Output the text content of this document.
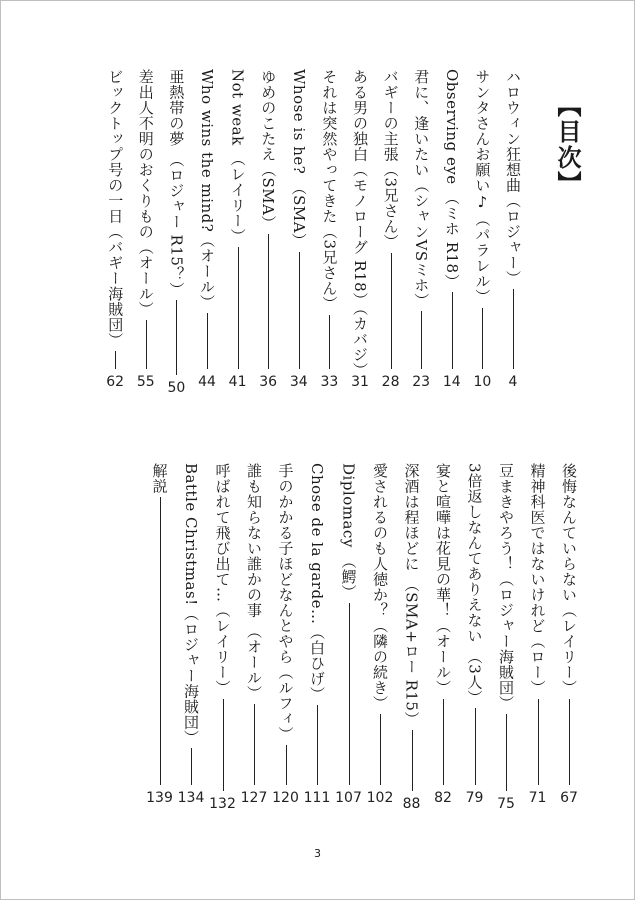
【目次】
3
ハロウィン狂想曲（ロジャー）
4
サンタさんお願い♪（パラレル）
10
Observing eye （ミホ R18）
14
君に、逢いたい（シャンVSミホ）
23
バギーの主張（3兄さん）
28
ある男の独白（モノローグ R18）（カバジ）
31
それは突然やってきた（3兄さん）
33
Whose is he? （SMA）
34
ゆめのこたえ（SMA）
36
Not weak （レイリー）
41
Who wins the mind?（オール）
44
亜熱帯の夢 （ロジャー R15？）
50
差出人不明のおくりもの（オール）
55
ビックトップ号の一日（バギー海賊団）
62
後悔なんていらない（レイリー）
67
精神科医ではないけれど（ロー）
71
豆まきやろう！（ロジャー海賊団）
75
3倍返しなんてありえない （3人）
79
宴と喧嘩は花見の華！（オール）
82
深酒は程ほどに （SMA+ロー R15）
88
愛されるのも人徳か？（隣の続き）
102
Diplomacy （鰐）
107
Chose de la garde…（白ひげ）
111
手のかかる子ほどなんとやら（ルフィ）
120
誰も知らない誰かの事 （オール）
127
呼ばれて飛び出て…（レイリー）
132
Battle Christmas!（ロジャー海賊団）
134
解説
139
